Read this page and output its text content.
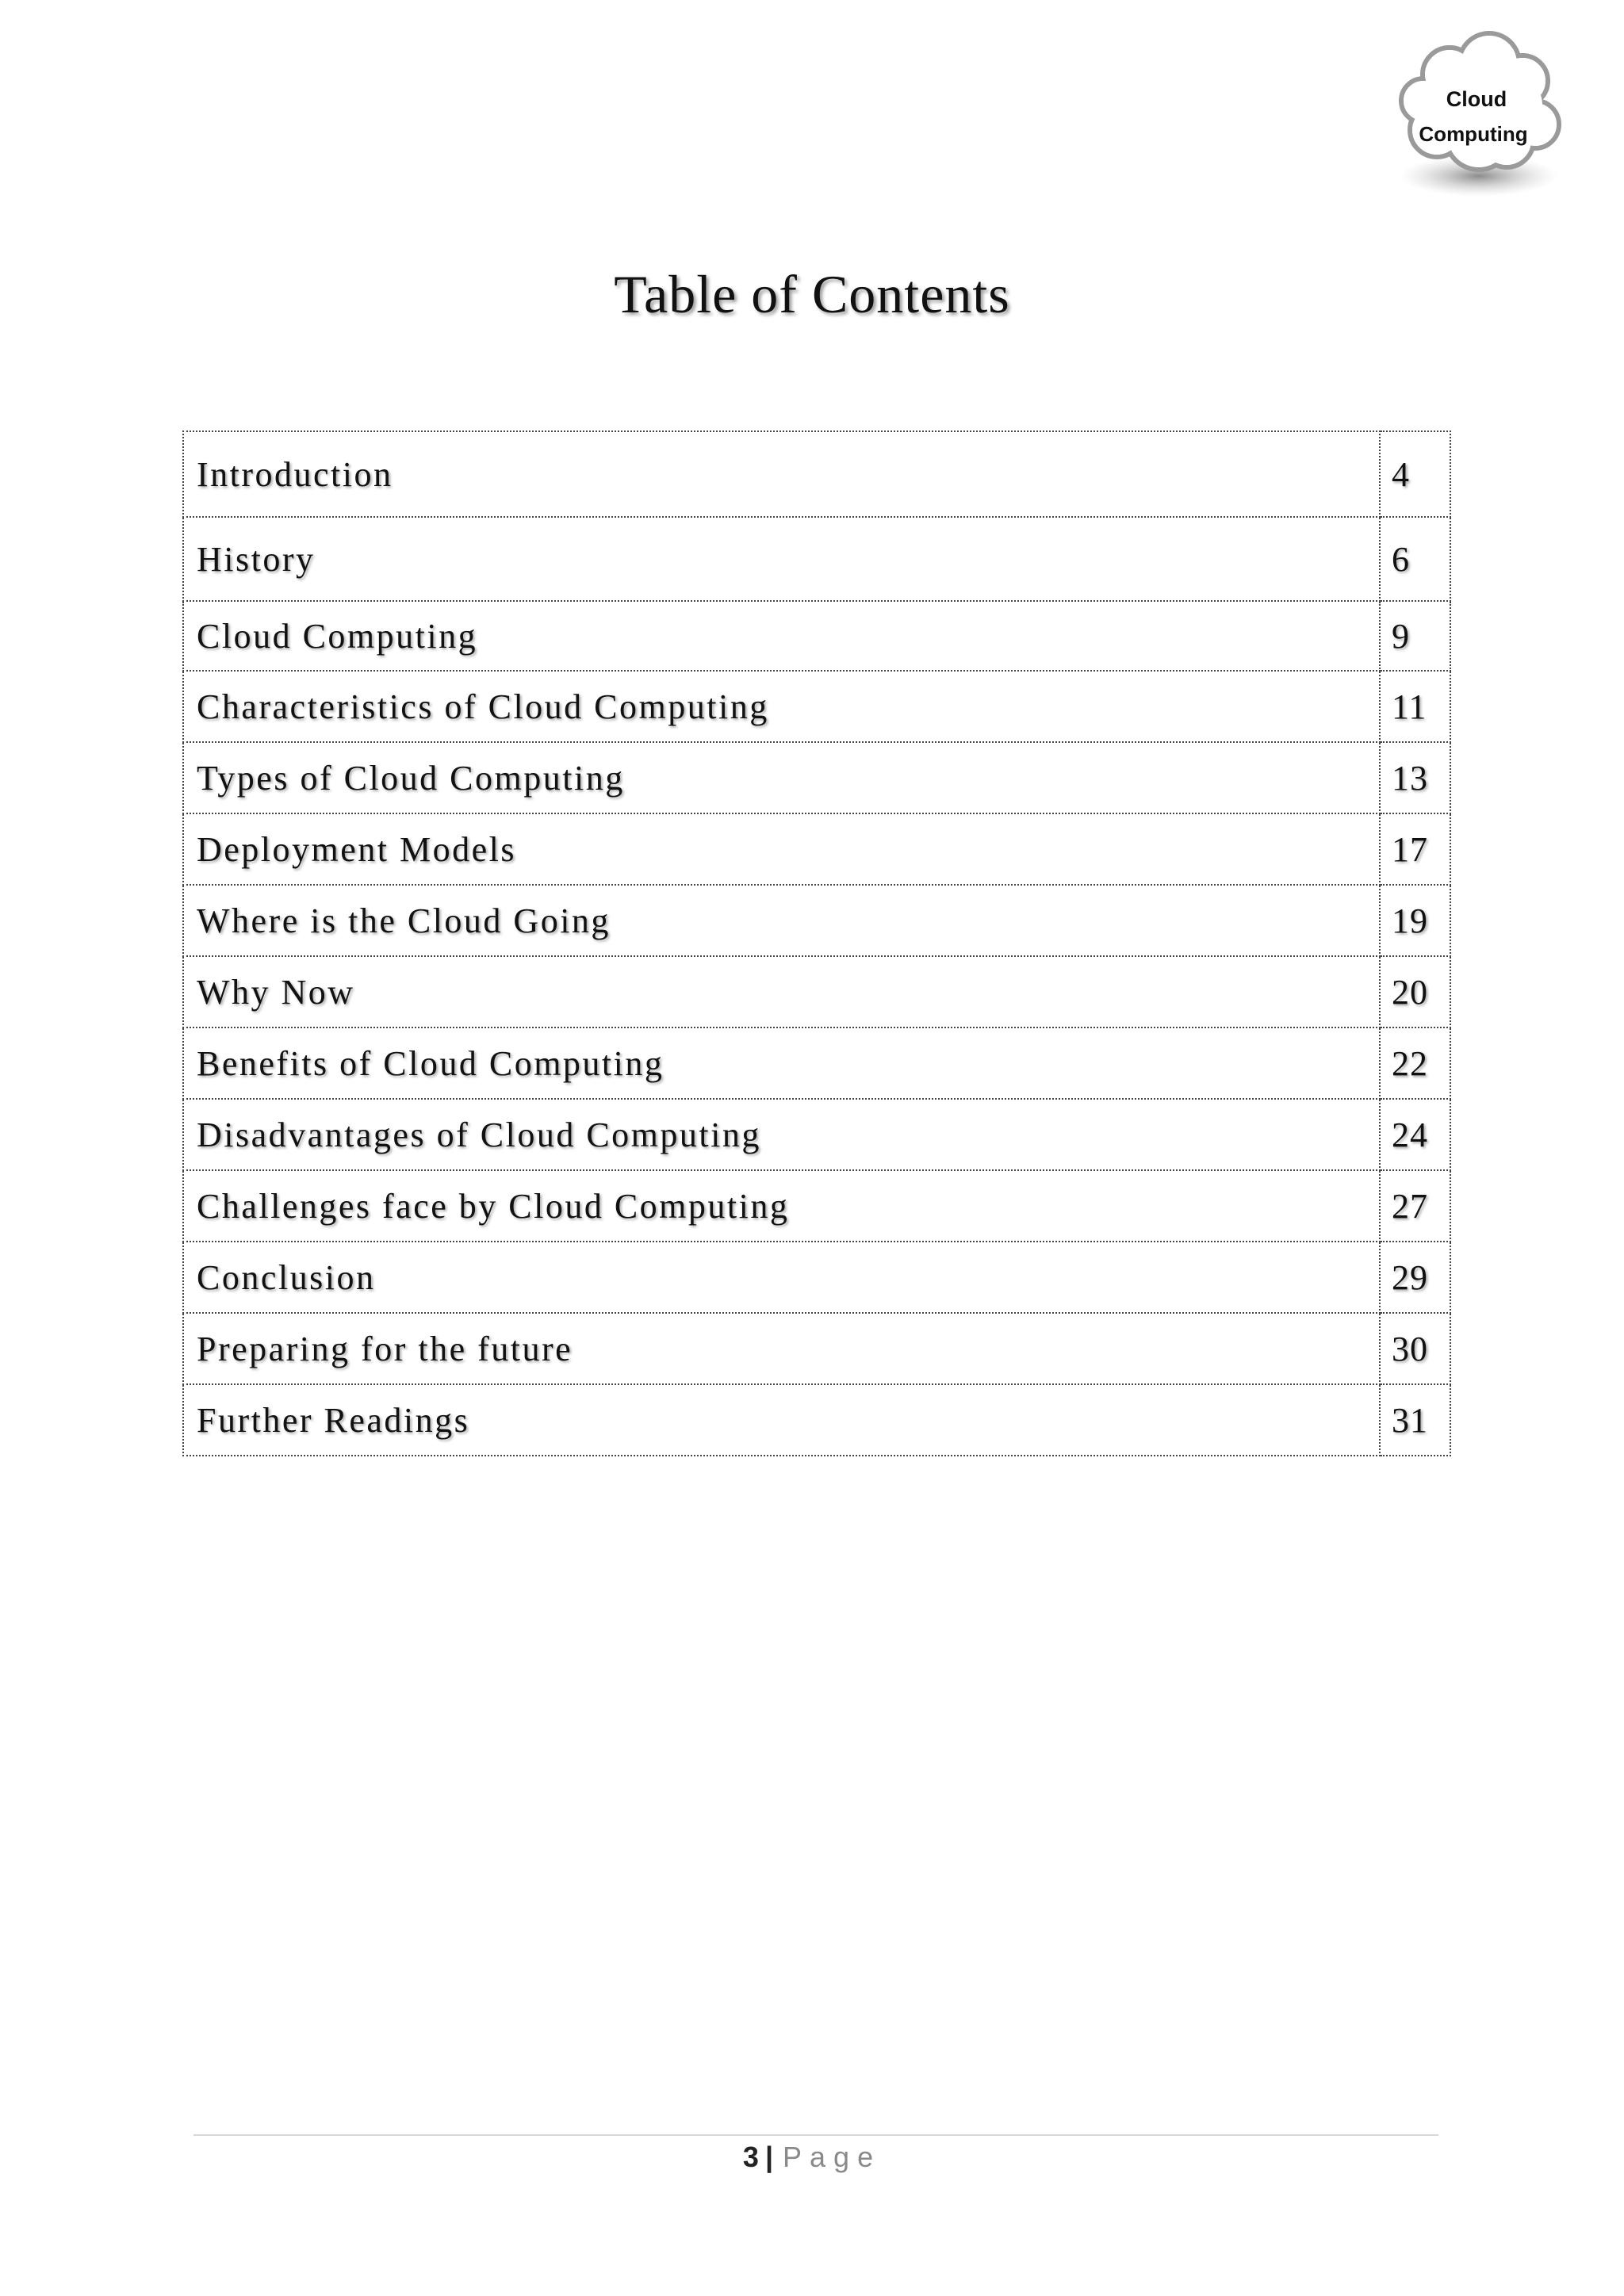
Cloud
Computing
Table of Contents
Introduction	4
History	6
Cloud Computing	9
Characteristics of Cloud Computing	11
Types of Cloud Computing	13
Deployment Models	17
Where is the Cloud Going	19
Why Now	20
Benefits of Cloud Computing	22
Disadvantages of Cloud Computing	24
Challenges face by Cloud Computing	27
Conclusion	29
Preparing for the future	30
Further Readings	31
3 | Page
